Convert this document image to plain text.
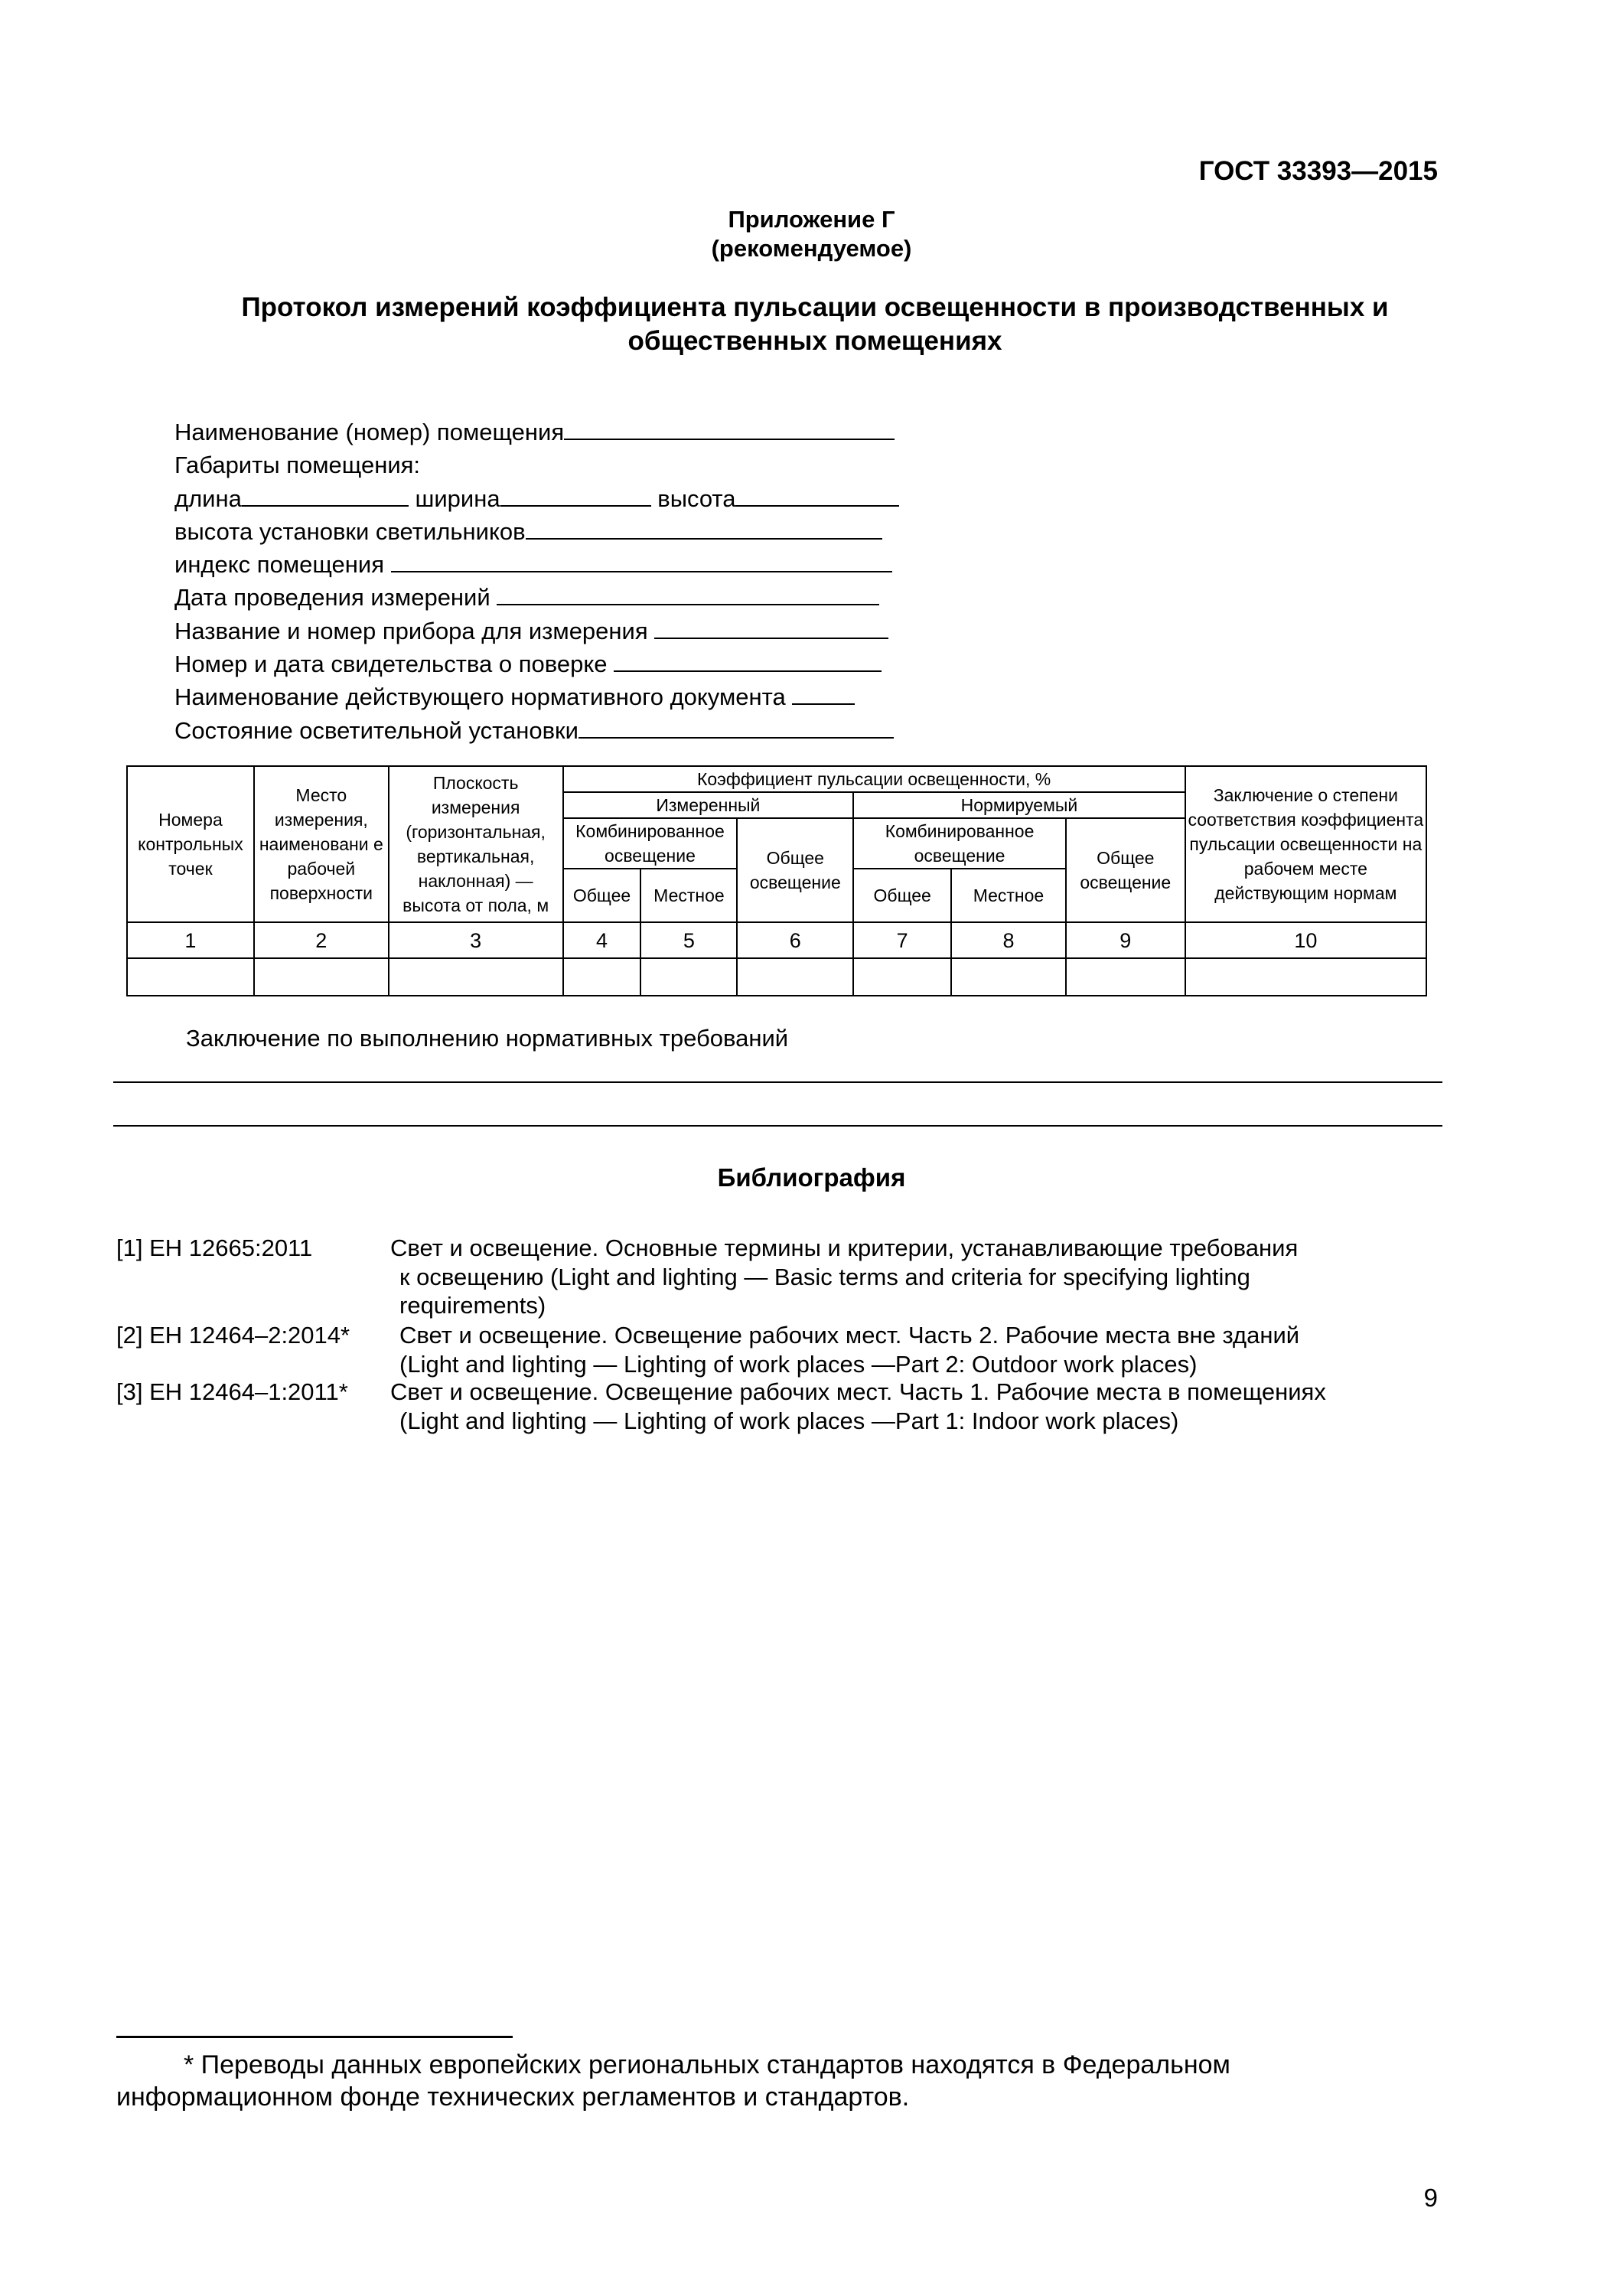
ГОСТ 33393—2015
Приложение Г
(рекомендуемое)
Протокол измерений коэффициента пульсации освещенности в производственных и
общественных помещениях
Наименование (номер) помещения
Габариты помещения:
длина	ширина	высота
высота установки светильников
индекс помещения
Дата проведения измерений
Название и номер прибора для измерения
Номер и дата свидетельства о поверке
Наименование действующего нормативного документа
Состояние осветительной установки
Номера контрольных точек	Место измерения, наименовани е рабочей поверхности	Плоскость измерения (горизонтальная, вертикальная, наклонная) — высота от пола, м	Коэффициент пульсации освещенности, %						Заключение о степени соответствия коэффициента пульсации освещенности на рабочем месте действующим нормам
			Измеренный			Нормируемый			
			Комбинированное освещение		Общее освещение	Комбинированное освещение		Общее освещение	
			Общее	Местное		Общее	Местное		
1	2	3	4	5	6	7	8	9	10

Заключение по выполнению нормативных требований
Библиография
[1] ЕН 12665:2011	Свет и освещение. Основные термины и критерии, устанавливающие требования
к освещению (Light and lighting — Basic terms and criteria for specifying lighting
requirements)
[2] ЕН 12464–2:2014* Свет и освещение. Освещение рабочих мест. Часть 2. Рабочие места вне зданий
(Light and lighting — Lighting of work places —Part 2: Outdoor work places)
[3] ЕН 12464–1:2011* Свет и освещение. Освещение рабочих мест. Часть 1. Рабочие места в помещениях
(Light and lighting — Lighting of work places —Part 1: Indoor work places)
* Переводы данных европейских региональных стандартов находятся в Федеральном
информационном фонде технических регламентов и стандартов.
9
